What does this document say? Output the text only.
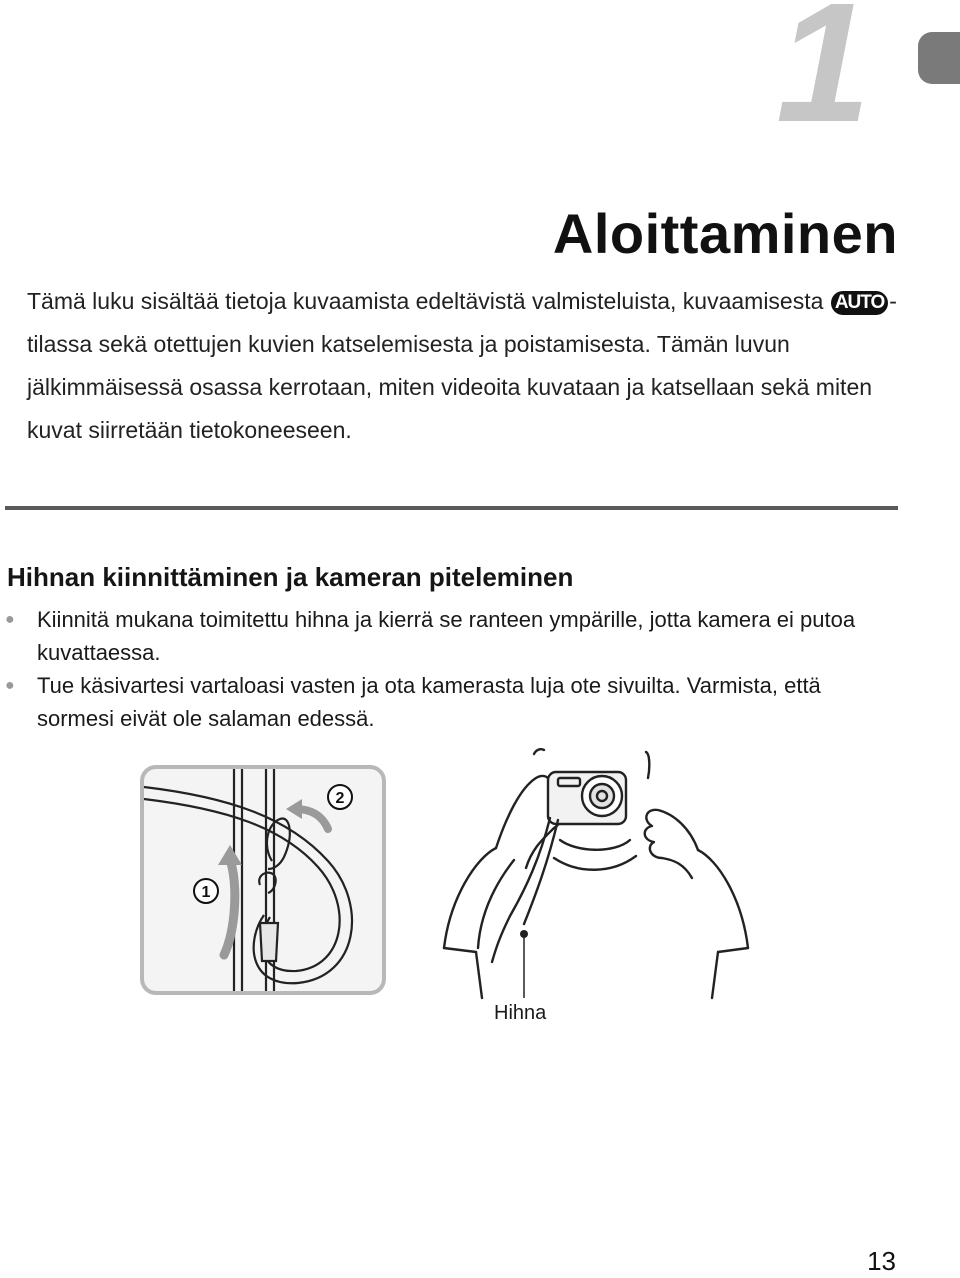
1
Aloittaminen

Tämä luku sisältää tietoja kuvaamista edeltävistä valmisteluista, kuvaamisesta AUTO -tilassa sekä otettujen kuvien katselemisesta ja poistamisesta. Tämän luvun jälkimmäisessä osassa kerrotaan, miten videoita kuvataan ja katsellaan sekä miten kuvat siirretään tietokoneeseen.

Hihnan kiinnittäminen ja kameran piteleminen
● Kiinnitä mukana toimitettu hihna ja kierrä se ranteen ympärille, jotta kamera ei putoa kuvattaessa.
● Tue käsivartesi vartaloasi vasten ja ota kamerasta luja ote sivuilta. Varmista, että sormesi eivät ole salaman edessä.
1
2
Hihna
13
